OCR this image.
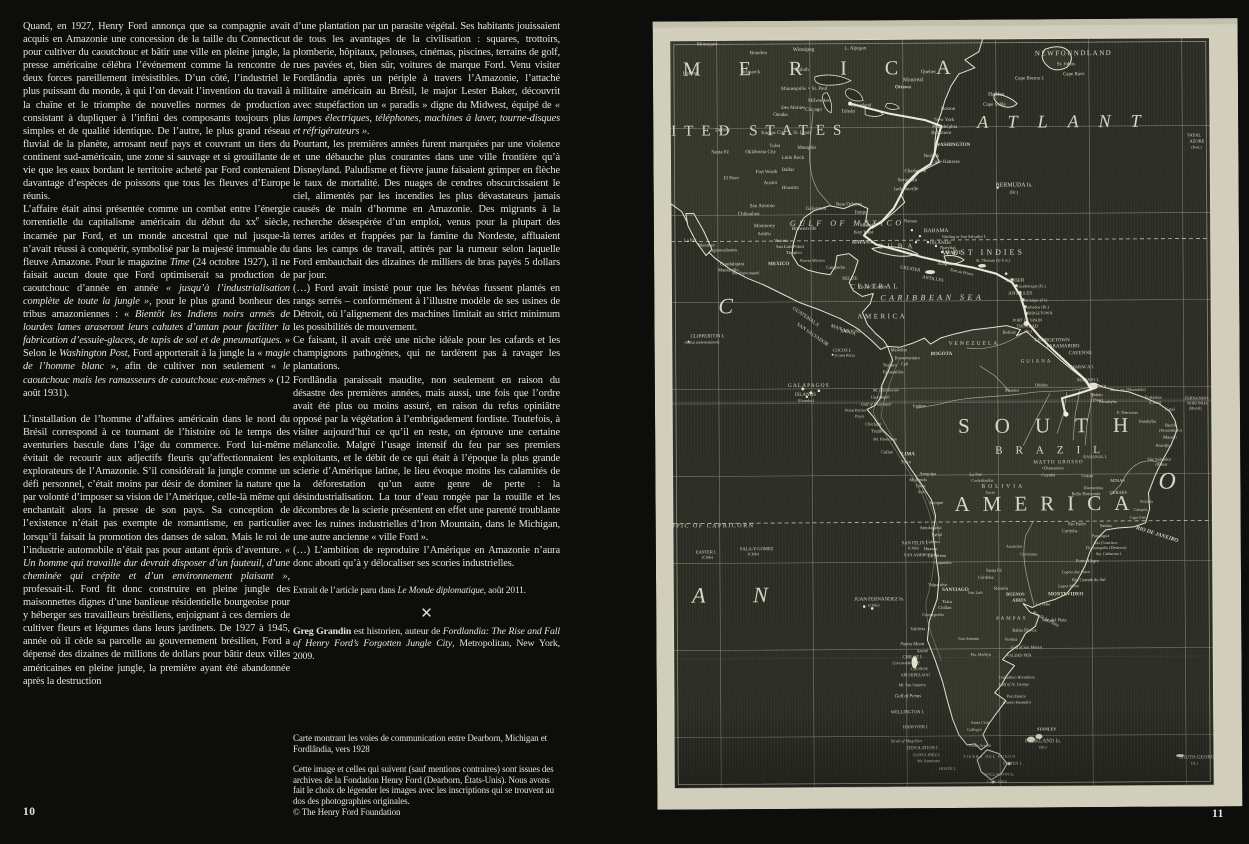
Quand, en 1927, Henry Ford annonça que sa compagnie avait acquis en Amazonie une concession de la taille du Connecticut pour cultiver du caoutchouc et bâtir une ville en pleine jungle, la presse américaine célébra l’événement comme la rencontre de deux forces pareillement irrésistibles. D’un côté, l’industriel le plus puissant du monde, à qui l’on devait l’invention du travail à la chaîne et le triomphe de nouvelles normes de production consistant à dupliquer à l’infini des composants toujours plus simples et de qualité identique. De l’autre, le plus grand réseau fluvial de la planète, arrosant neuf pays et couvrant un tiers du continent sud-américain, une zone si sauvage et si grouillante de vie que les eaux bordant le territoire acheté par Ford contenaient davantage d’espèces de poissons que tous les fleuves d’Europe réunis.

L’affaire était ainsi présentée comme un combat entre l’énergie torrentielle du capitalisme américain du début du $xx^e$ siècle, incarnée par Ford, et un monde ancestral que nul jusque-là n’avait réussi à conquérir, symbolisé par la majesté immuable du fleuve Amazone. Pour le magazine Time (24 octobre 1927), il ne faisait aucun doute que Ford optimiserait sa production de caoutchouc d’année en année « jusqu’à l’industrialisation complète de toute la jungle », pour le plus grand bonheur des tribus amazoniennes : « Bientôt les Indiens noirs armés de lourdes lames araseront leurs cahutes d’antan pour faciliter la fabrication d’essuie-glaces, de tapis de sol et de pneumatiques. » Selon le Washington Post, Ford apporterait à la jungle la « magie de l’homme blanc », afin de cultiver non seulement « le caoutchouc mais les ramasseurs de caoutchouc eux-mêmes » (12 août 1931).

L’installation de l’homme d’affaires américain dans le nord du Brésil correspond à ce tournant de l’histoire où le temps des aventuriers bascule dans l’âge du commerce. Ford lui-même évitait de recourir aux adjectifs fleuris qu’affectionnaient les explorateurs de l’Amazonie. S’il considérait la jungle comme un défi personnel, c’était moins par désir de dominer la nature que par volonté d’imposer sa vision de l’Amérique, celle-là même qui enchantait alors la presse de son pays. Sa conception de l’existence n’était pas exempte de romantisme, en particulier lorsqu’il faisait la promotion des danses de salon. Mais le roi de l’industrie automobile n’était pas pour autant épris d’aventure. « Un homme qui travaille dur devrait disposer d’un fauteuil, d’une cheminée qui crépite et d’un environnement plaisant », professait-il. Ford fit donc construire en pleine jungle des maisonnettes dignes d’une banlieue résidentielle bourgeoise pour y héberger ses travailleurs brésiliens, enjoignant à ces derniers de cultiver fleurs et légumes dans leurs jardinets. De 1927 à 1945, année où il cède sa parcelle au gouvernement brésilien, Ford a dépensé des dizaines de millions de dollars pour bâtir deux villes américaines en pleine jungle, la première ayant été abandonnée après la destruction

d’une plantation par un parasite végétal. Ses habitants jouissaient de tous les avantages de la civilisation : squares, trottoirs, plomberie, hôpitaux, pelouses, cinémas, piscines, terrains de golf, rues pavées et, bien sûr, voitures de marque Ford. Venu visiter Fordlândia après un périple à travers l’Amazonie, l’attaché militaire américain au Brésil, le major Lester Baker, découvrit avec stupéfaction un « paradis » digne du Midwest, équipé de « lampes électriques, téléphones, machines à laver, tourne-disques et réfrigérateurs ».

Pourtant, les premières années furent marquées par une violence et une débauche plus courantes dans une ville frontière qu’à Disneyland. Paludisme et fièvre jaune faisaient grimper en flèche le taux de mortalité. Des nuages de cendres obscurcissaient le ciel, alimentés par les incendies les plus dévastateurs jamais causés de main d’homme en Amazonie. Des migrants à la recherche désespérée d’un emploi, venus pour la plupart des terres arides et frappées par la famine du Nordeste, affluaient dans les camps de travail, attirés par la rumeur selon laquelle Ford embauchait des dizaines de milliers de bras payés 5 dollars par jour.

(…) Ford avait insisté pour que les hévéas fussent plantés en rangs serrés – conformément à l’illustre modèle de ses usines de Détroit, où l’alignement des machines limitait au strict minimum les possibilités de mouvement.

Ce faisant, il avait créé une niche idéale pour les cafards et les champignons pathogènes, qui ne tardèrent pas à ravager les plantations.

Fordlândia paraissait maudite, non seulement en raison du désastre des premières années, mais aussi, une fois que l’ordre avait été plus ou moins assuré, en raison du refus opiniâtre opposé par la végétation à l’embrigadement fordiste. Toutefois, à visiter aujourd’hui ce qu’il en reste, on éprouve une certaine mélancolie. Malgré l’usage intensif du feu par ses premiers exploitants, et le débit de ce qui était à l’époque la plus grande scierie d’Amérique latine, le lieu évoque moins les calamités de la déforestation qu’un autre genre de perte : la désindustrialisation. La tour d’eau rongée par la rouille et les décombres de la scierie présentent en effet une parenté troublante avec les ruines industrielles d’Iron Mountain, dans le Michigan, une autre ancienne « ville Ford ».

(…) L’ambition de reproduire l’Amérique en Amazonie n’aura donc abouti qu’à y délocaliser ses scories industrielles.

Extrait de l’article paru dans Le Monde diplomatique, août 2011.

✕

Greg Grandin est historien, auteur de Fordlandia: The Rise and Fall of Henry Ford’s Forgotten Jungle City, Metropolitan, New York, 2009.

Carte montrant les voies de communication entre Dearborn, Michigan et Fordlândia, vers 1928

Cette image et celles qui suivent (sauf mentions contraires) sont issues des archives de la Fondation Henry Ford (Dearborn, États-Unis). Nous avons fait le choix de légender les images avec les inscriptions qui se trouvent au dos des photographies originales.

© The Henry Ford Foundation

10	11
